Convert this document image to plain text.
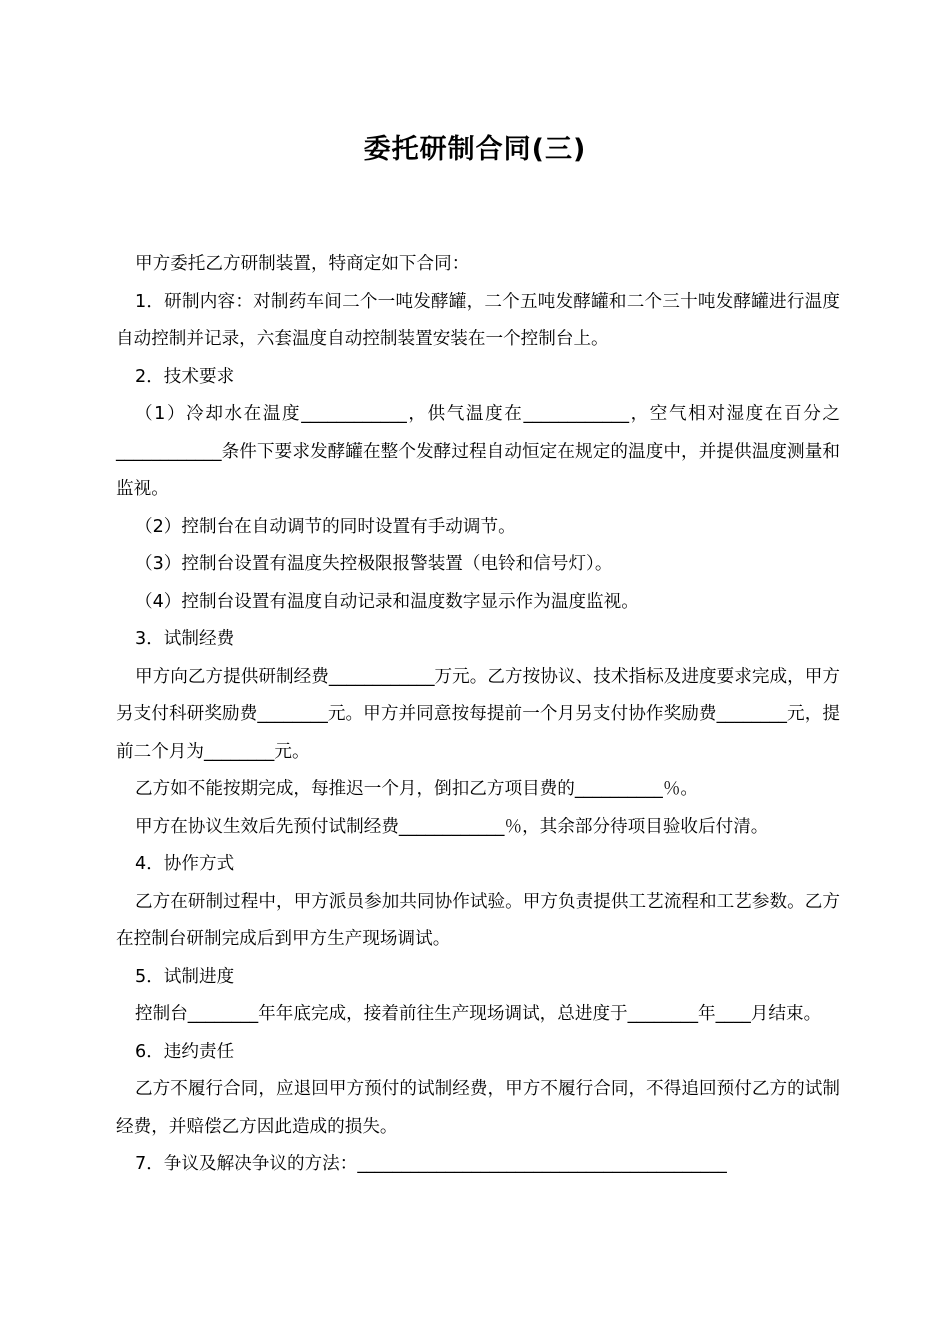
委托研制合同(三)

甲方委托乙方研制装置，特商定如下合同：

1．研制内容：对制药车间二个一吨发酵罐，二个五吨发酵罐和二个三十吨发酵罐进行温度自动控制并记录，六套温度自动控制装置安装在一个控制台上。

2．技术要求

（1）冷却水在温度____________，供气温度在____________，空气相对湿度在百分之____________条件下要求发酵罐在整个发酵过程自动恒定在规定的温度中，并提供温度测量和监视。

（2）控制台在自动调节的同时设置有手动调节。

（3）控制台设置有温度失控极限报警装置（电铃和信号灯）。

（4）控制台设置有温度自动记录和温度数字显示作为温度监视。

3．试制经费

甲方向乙方提供研制经费____________万元。乙方按协议、技术指标及进度要求完成，甲方另支付科研奖励费________元。甲方并同意按每提前一个月另支付协作奖励费________元，提前二个月为________元。

乙方如不能按期完成，每推迟一个月，倒扣乙方项目费的__________％。

甲方在协议生效后先预付试制经费____________％，其余部分待项目验收后付清。

4．协作方式

乙方在研制过程中，甲方派员参加共同协作试验。甲方负责提供工艺流程和工艺参数。乙方在控制台研制完成后到甲方生产现场调试。

5．试制进度

控制台________年年底完成，接着前往生产现场调试，总进度于________年____月结束。

6．违约责任

乙方不履行合同，应退回甲方预付的试制经费，甲方不履行合同，不得追回预付乙方的试制经费，并赔偿乙方因此造成的损失。

7．争议及解决争议的方法：__________________________________________
